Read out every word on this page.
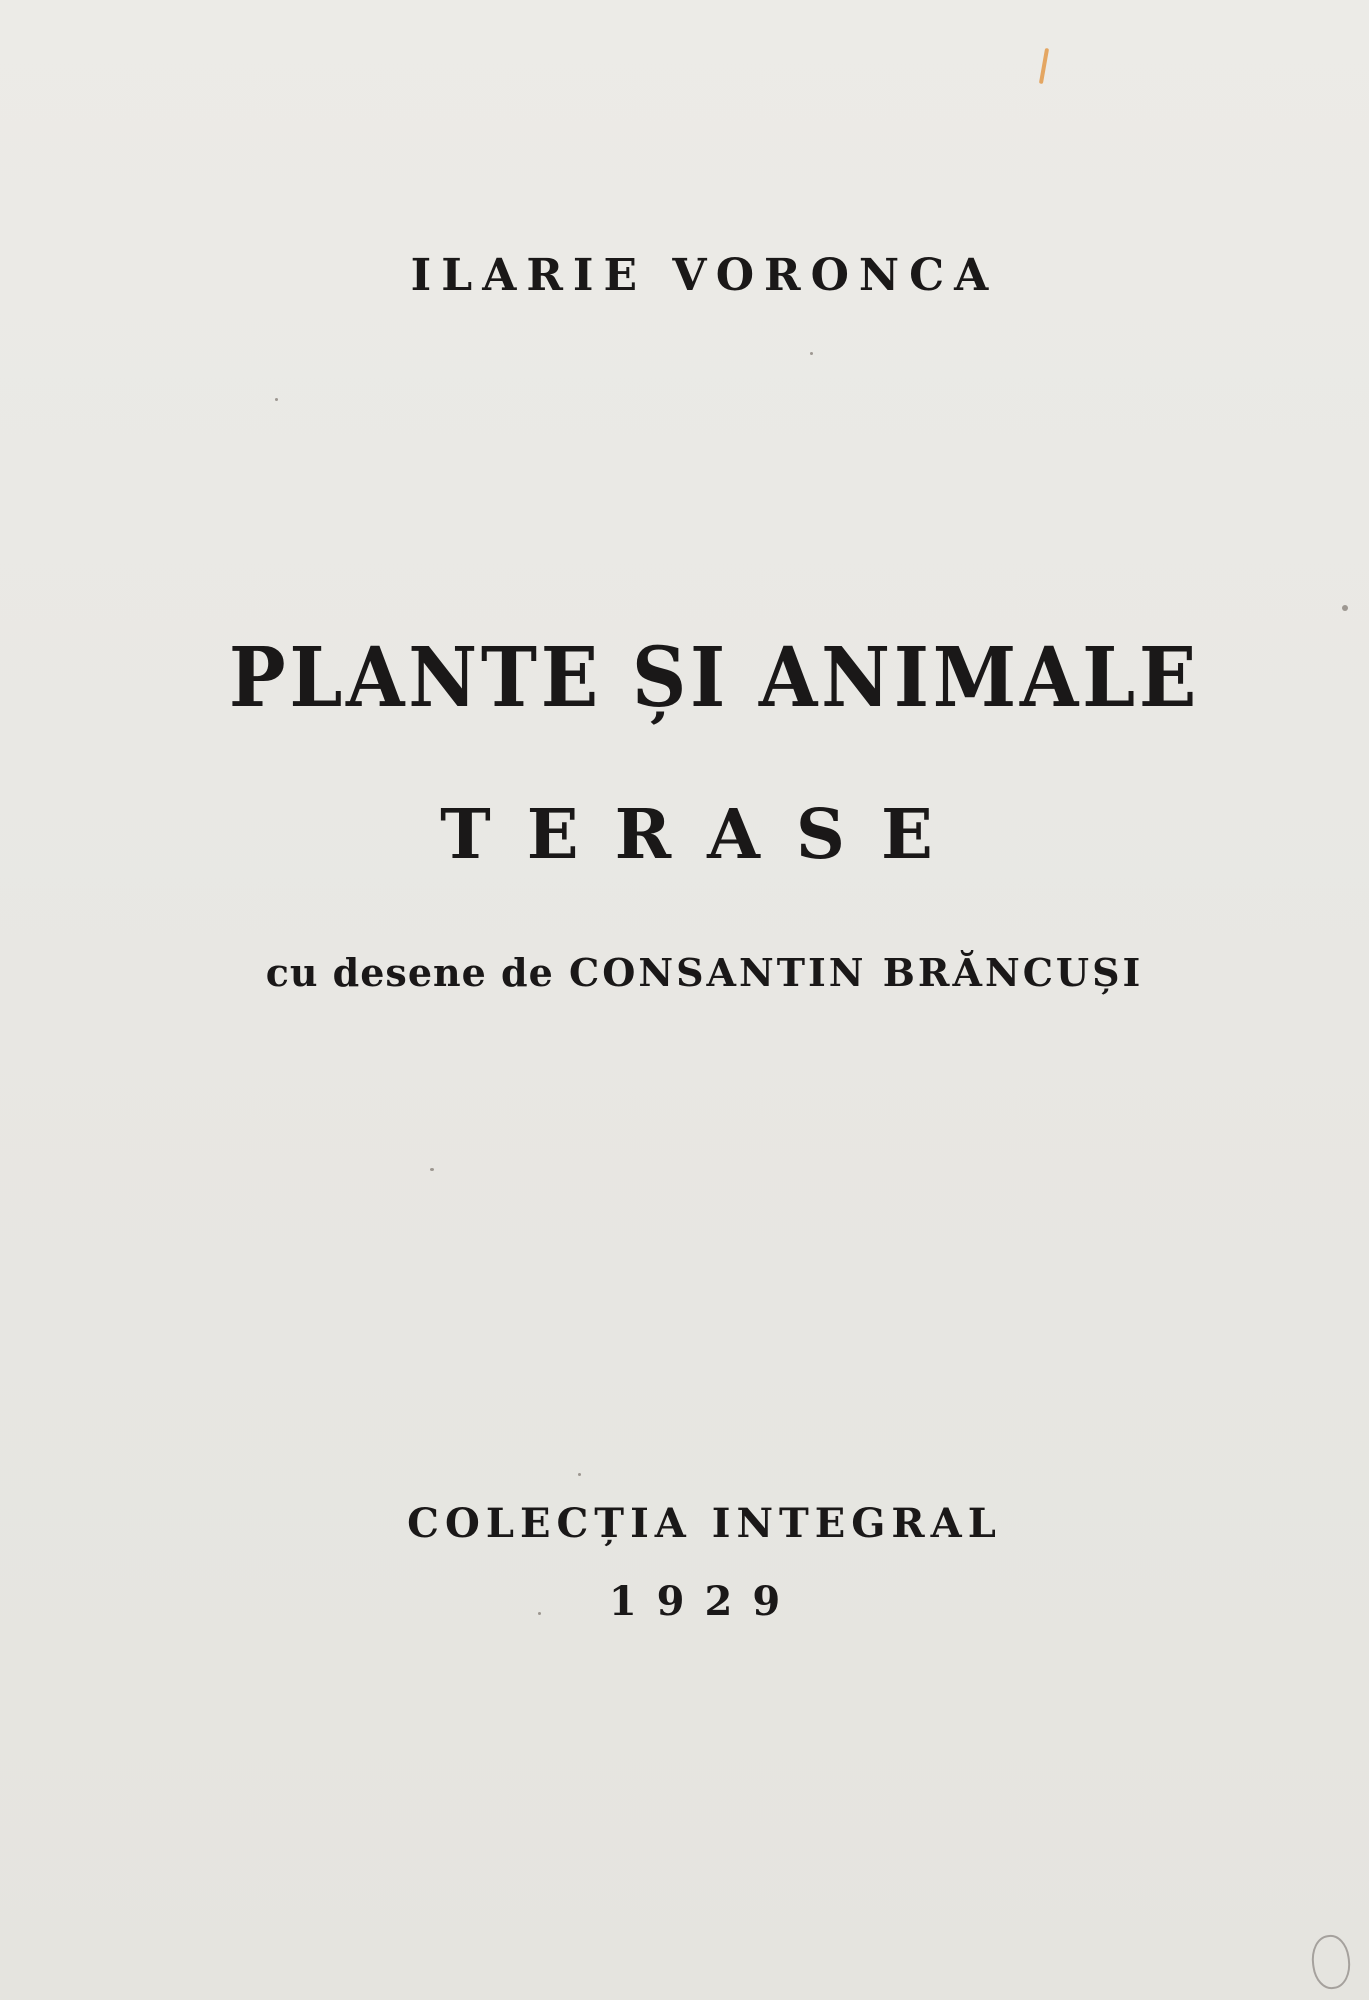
ILARIE VORONCA

PLANTE ȘI ANIMALE

TERASE

cu desene de CONSANTIN BRĂNCUȘI

COLECȚIA INTEGRAL

1929
